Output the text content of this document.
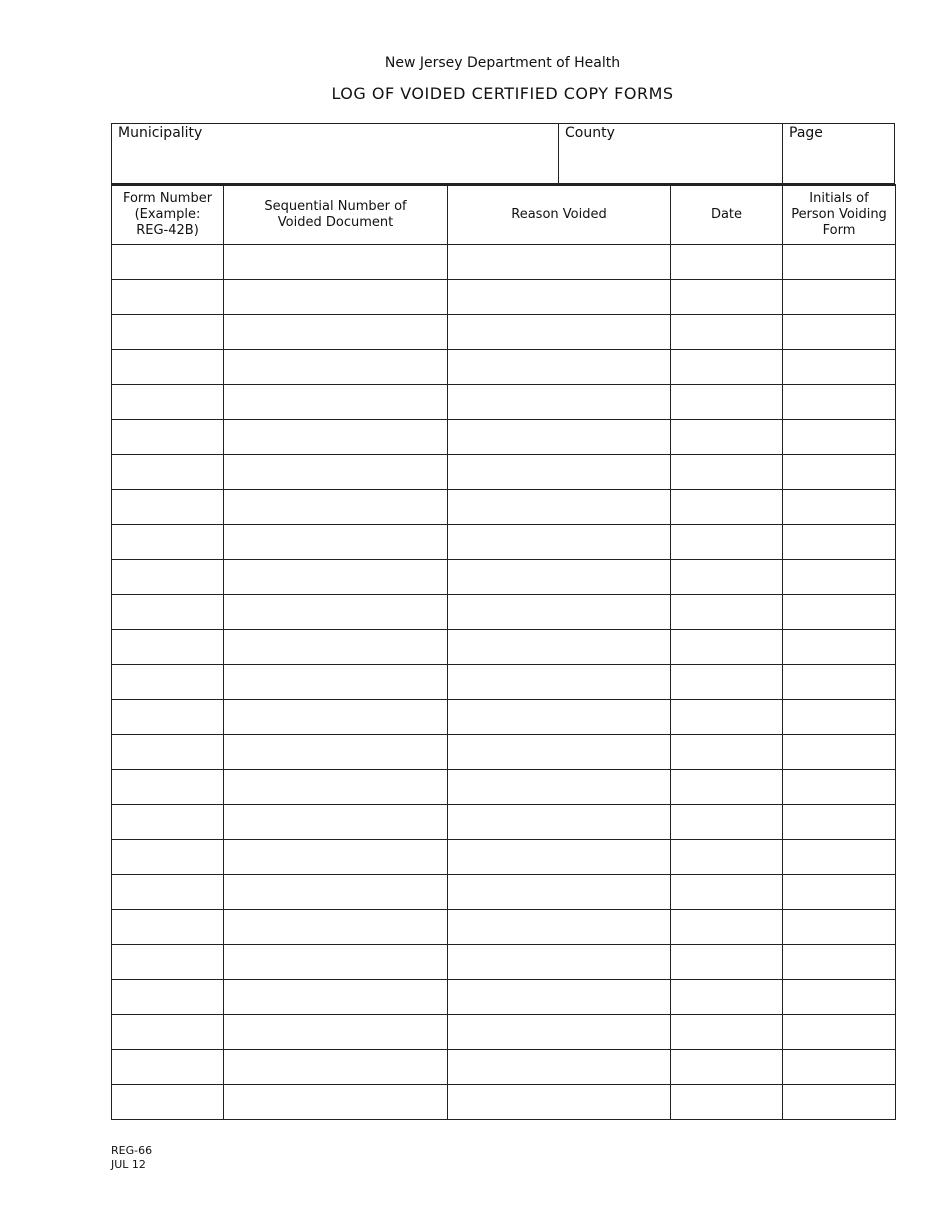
New Jersey Department of Health
LOG OF VOIDED CERTIFIED COPY FORMS
Municipality	County	Page
Form Number (Example: REG-42B)	Sequential Number of Voided Document	Reason Voided	Date	Initials of Person Voiding Form

REG-66
JUL 12
